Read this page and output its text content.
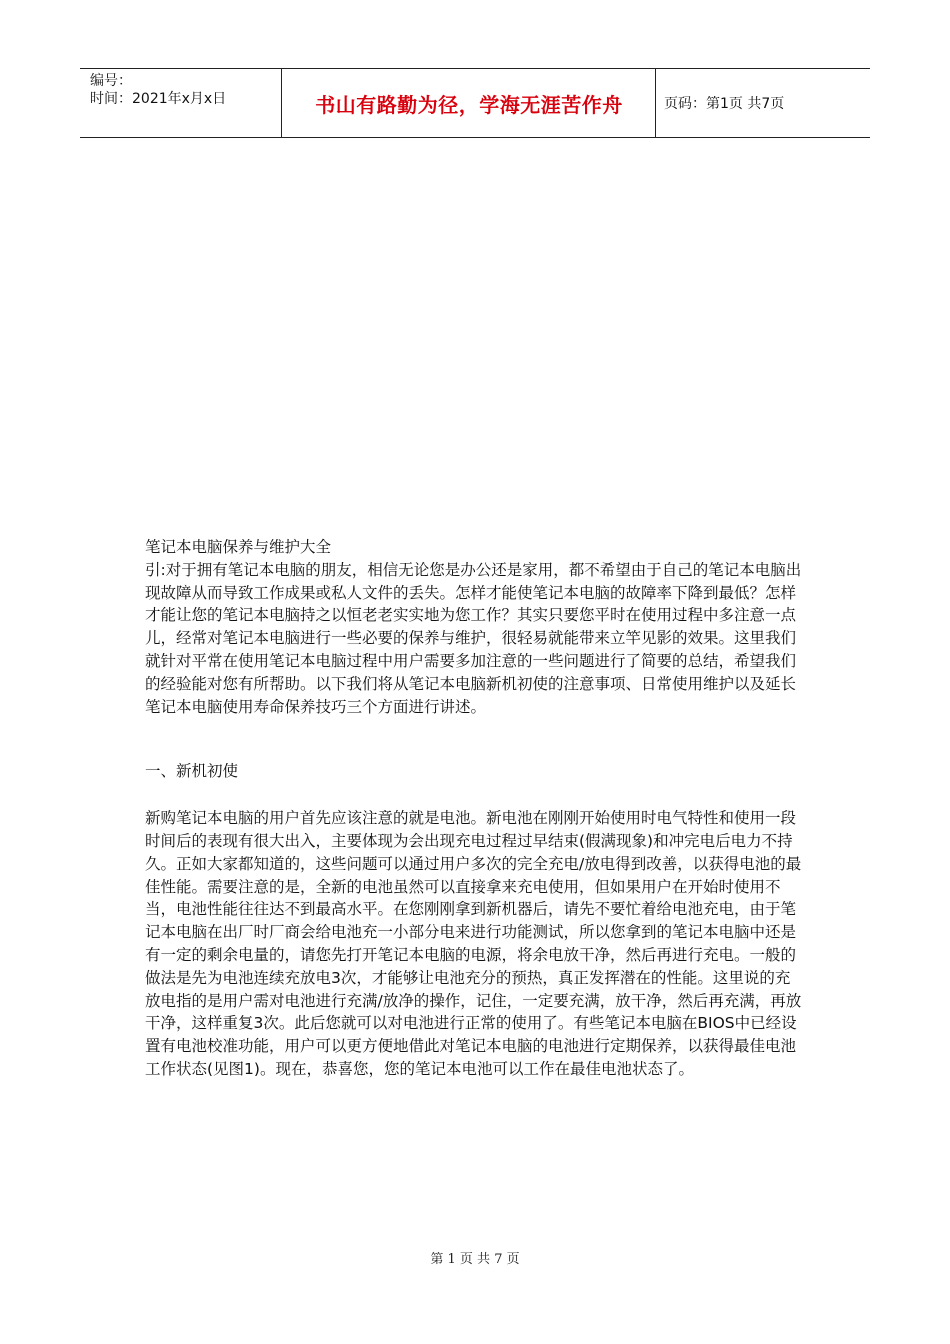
编号：
时间：2021年x月x日	书山有路勤为径，学海无涯苦作舟	页码：第1页 共7页

笔记本电脑保养与维护大全

引:对于拥有笔记本电脑的朋友，相信无论您是办公还是家用，都不希望由于自己的笔记本电脑出现故障从而导致工作成果或私人文件的丢失。怎样才能使笔记本电脑的故障率下降到最低？怎样才能让您的笔记本电脑持之以恒老老实实地为您工作？其实只要您平时在使用过程中多注意一点儿，经常对笔记本电脑进行一些必要的保养与维护，很轻易就能带来立竿见影的效果。这里我们就针对平常在使用笔记本电脑过程中用户需要多加注意的一些问题进行了简要的总结，希望我们的经验能对您有所帮助。以下我们将从笔记本电脑新机初使的注意事项、日常使用维护以及延长笔记本电脑使用寿命保养技巧三个方面进行讲述。

一、新机初使

新购笔记本电脑的用户首先应该注意的就是电池。新电池在刚刚开始使用时电气特性和使用一段时间后的表现有很大出入，主要体现为会出现充电过程过早结束(假满现象)和冲完电后电力不持久。正如大家都知道的，这些问题可以通过用户多次的完全充电/放电得到改善，以获得电池的最佳性能。需要注意的是，全新的电池虽然可以直接拿来充电使用，但如果用户在开始时使用不当，电池性能往往达不到最高水平。在您刚刚拿到新机器后，请先不要忙着给电池充电，由于笔记本电脑在出厂时厂商会给电池充一小部分电来进行功能测试，所以您拿到的笔记本电脑中还是有一定的剩余电量的，请您先打开笔记本电脑的电源，将余电放干净，然后再进行充电。一般的做法是先为电池连续充放电3次，才能够让电池充分的预热，真正发挥潜在的性能。这里说的充放电指的是用户需对电池进行充满/放净的操作，记住，一定要充满，放干净，然后再充满，再放干净，这样重复3次。此后您就可以对电池进行正常的使用了。有些笔记本电脑在BIOS中已经设置有电池校准功能，用户可以更方便地借此对笔记本电脑的电池进行定期保养，以获得最佳电池工作状态(见图1)。现在，恭喜您，您的笔记本电池可以工作在最佳电池状态了。

第 1 页 共 7 页
